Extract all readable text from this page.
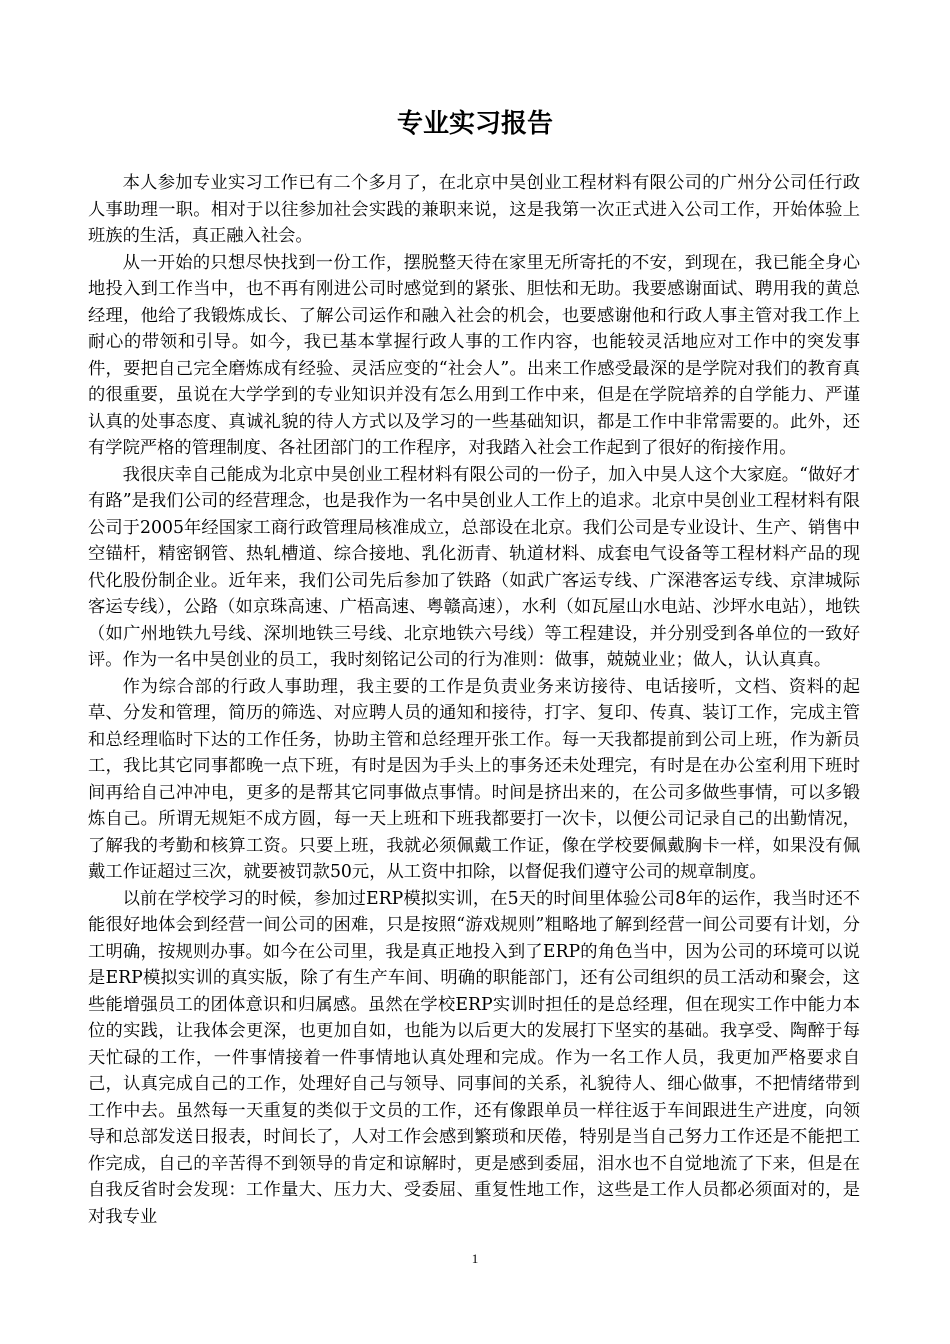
专业实习报告

本人参加专业实习工作已有二个多月了，在北京中昊创业工程材料有限公司的广州分公司任行政人事助理一职。相对于以往参加社会实践的兼职来说，这是我第一次正式进入公司工作，开始体验上班族的生活，真正融入社会。

从一开始的只想尽快找到一份工作，摆脱整天待在家里无所寄托的不安，到现在，我已能全身心地投入到工作当中，也不再有刚进公司时感觉到的紧张、胆怯和无助。我要感谢面试、聘用我的黄总经理，他给了我锻炼成长、了解公司运作和融入社会的机会，也要感谢他和行政人事主管对我工作上耐心的带领和引导。如今，我已基本掌握行政人事的工作内容，也能较灵活地应对工作中的突发事件，要把自己完全磨炼成有经验、灵活应变的“社会人”。出来工作感受最深的是学院对我们的教育真的很重要，虽说在大学学到的专业知识并没有怎么用到工作中来，但是在学院培养的自学能力、严谨认真的处事态度、真诚礼貌的待人方式以及学习的一些基础知识，都是工作中非常需要的。此外，还有学院严格的管理制度、各社团部门的工作程序，对我踏入社会工作起到了很好的衔接作用。

我很庆幸自己能成为北京中昊创业工程材料有限公司的一份子，加入中昊人这个大家庭。“做好才有路”是我们公司的经营理念，也是我作为一名中昊创业人工作上的追求。北京中昊创业工程材料有限公司于2005年经国家工商行政管理局核准成立，总部设在北京。我们公司是专业设计、生产、销售中空锚杆，精密钢管、热轧槽道、综合接地、乳化沥青、轨道材料、成套电气设备等工程材料产品的现代化股份制企业。近年来，我们公司先后参加了铁路（如武广客运专线、广深港客运专线、京津城际客运专线），公路（如京珠高速、广梧高速、粤赣高速），水利（如瓦屋山水电站、沙坪水电站），地铁（如广州地铁九号线、深圳地铁三号线、北京地铁六号线）等工程建设，并分别受到各单位的一致好评。作为一名中昊创业的员工，我时刻铭记公司的行为准则：做事，兢兢业业；做人，认认真真。

作为综合部的行政人事助理，我主要的工作是负责业务来访接待、电话接听，文档、资料的起草、分发和管理，简历的筛选、对应聘人员的通知和接待，打字、复印、传真、装订工作，完成主管和总经理临时下达的工作任务，协助主管和总经理开张工作。每一天我都提前到公司上班，作为新员工，我比其它同事都晚一点下班，有时是因为手头上的事务还未处理完，有时是在办公室利用下班时间再给自己冲冲电，更多的是帮其它同事做点事情。时间是挤出来的，在公司多做些事情，可以多锻炼自己。所谓无规矩不成方圆，每一天上班和下班我都要打一次卡，以便公司记录自己的出勤情况，了解我的考勤和核算工资。只要上班，我就必须佩戴工作证，像在学校要佩戴胸卡一样，如果没有佩戴工作证超过三次，就要被罚款50元，从工资中扣除，以督促我们遵守公司的规章制度。

以前在学校学习的时候，参加过ERP模拟实训，在5天的时间里体验公司8年的运作，我当时还不能很好地体会到经营一间公司的困难，只是按照“游戏规则”粗略地了解到经营一间公司要有计划，分工明确，按规则办事。如今在公司里，我是真正地投入到了ERP的角色当中，因为公司的环境可以说是ERP模拟实训的真实版，除了有生产车间、明确的职能部门，还有公司组织的员工活动和聚会，这些能增强员工的团体意识和归属感。虽然在学校ERP实训时担任的是总经理，但在现实工作中能力本位的实践，让我体会更深，也更加自如，也能为以后更大的发展打下坚实的基础。我享受、陶醉于每天忙碌的工作，一件事情接着一件事情地认真处理和完成。作为一名工作人员，我更加严格要求自己，认真完成自己的工作，处理好自己与领导、同事间的关系，礼貌待人、细心做事，不把情绪带到工作中去。虽然每一天重复的类似于文员的工作，还有像跟单员一样往返于车间跟进生产进度，向领导和总部发送日报表，时间长了，人对工作会感到繁琐和厌倦，特别是当自己努力工作还是不能把工作完成，自己的辛苦得不到领导的肯定和谅解时，更是感到委屈，泪水也不自觉地流了下来，但是在自我反省时会发现：工作量大、压力大、受委屈、重复性地工作，这些是工作人员都必须面对的，是对我专业

1
